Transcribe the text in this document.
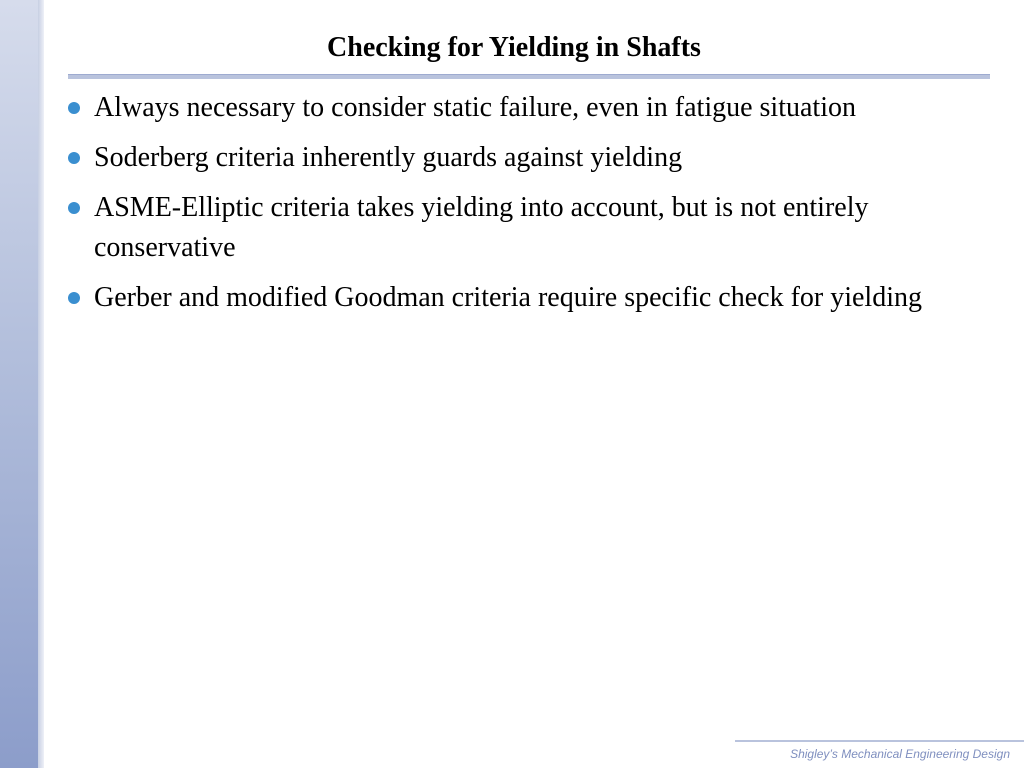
Checking for Yielding in Shafts
Always necessary to consider static failure, even in fatigue situation
Soderberg criteria inherently guards against yielding
ASME-Elliptic criteria takes yielding into account, but is not entirely conservative
Gerber and modified Goodman criteria require specific check for yielding
Shigley’s Mechanical Engineering Design
